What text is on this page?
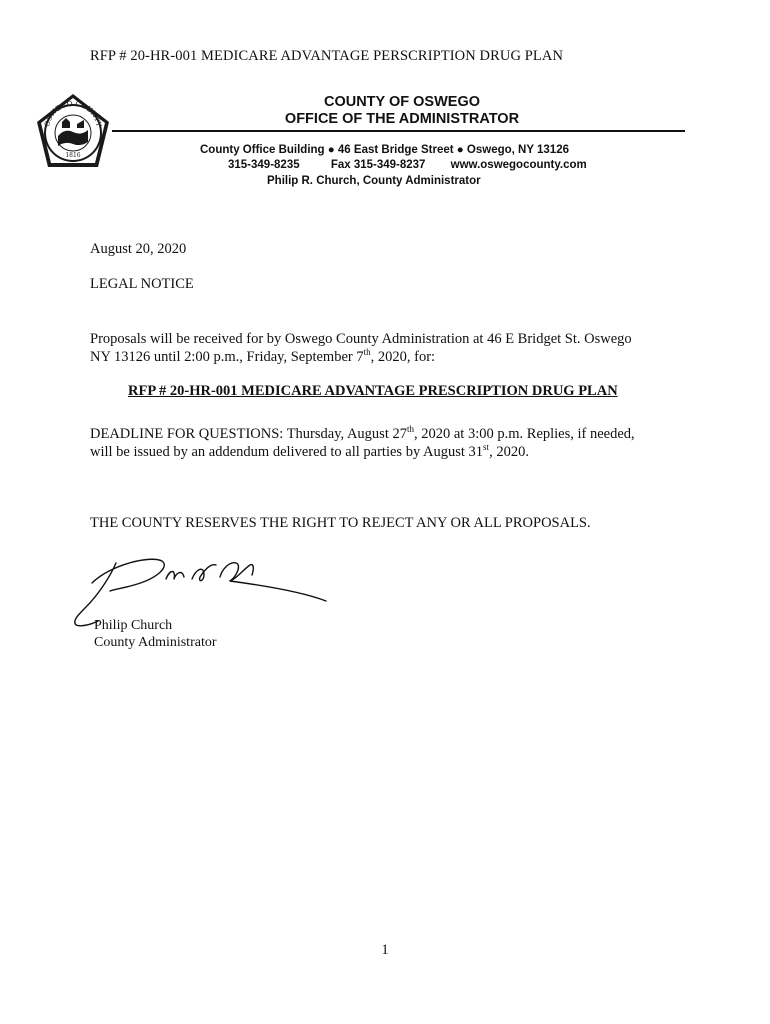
RFP # 20-HR-001 MEDICARE ADVANTAGE PERSCRIPTION DRUG PLAN
OSWEGO COUNTY
1816
COUNTY OF OSWEGO
OFFICE OF THE ADMINISTRATOR
County Office Building ● 46 East Bridge Street ● Oswego, NY 13126
315-349-8235	Fax 315-349-8237 www.oswegocounty.com
Philip R. Church, County Administrator
August 20, 2020
LEGAL NOTICE
Proposals will be received for by Oswego County Administration at 46 E Bridget St. Oswego
NY 13126 until 2:00 p.m., Friday, September 7th, 2020, for:
RFP # 20-HR-001 MEDICARE ADVANTAGE PRESCRIPTION DRUG PLAN
DEADLINE FOR QUESTIONS: Thursday, August 27th, 2020 at 3:00 p.m. Replies, if needed,
will be issued by an addendum delivered to all parties by August 31st, 2020.
THE COUNTY RESERVES THE RIGHT TO REJECT ANY OR ALL PROPOSALS.
Philip Church
County Administrator
1
